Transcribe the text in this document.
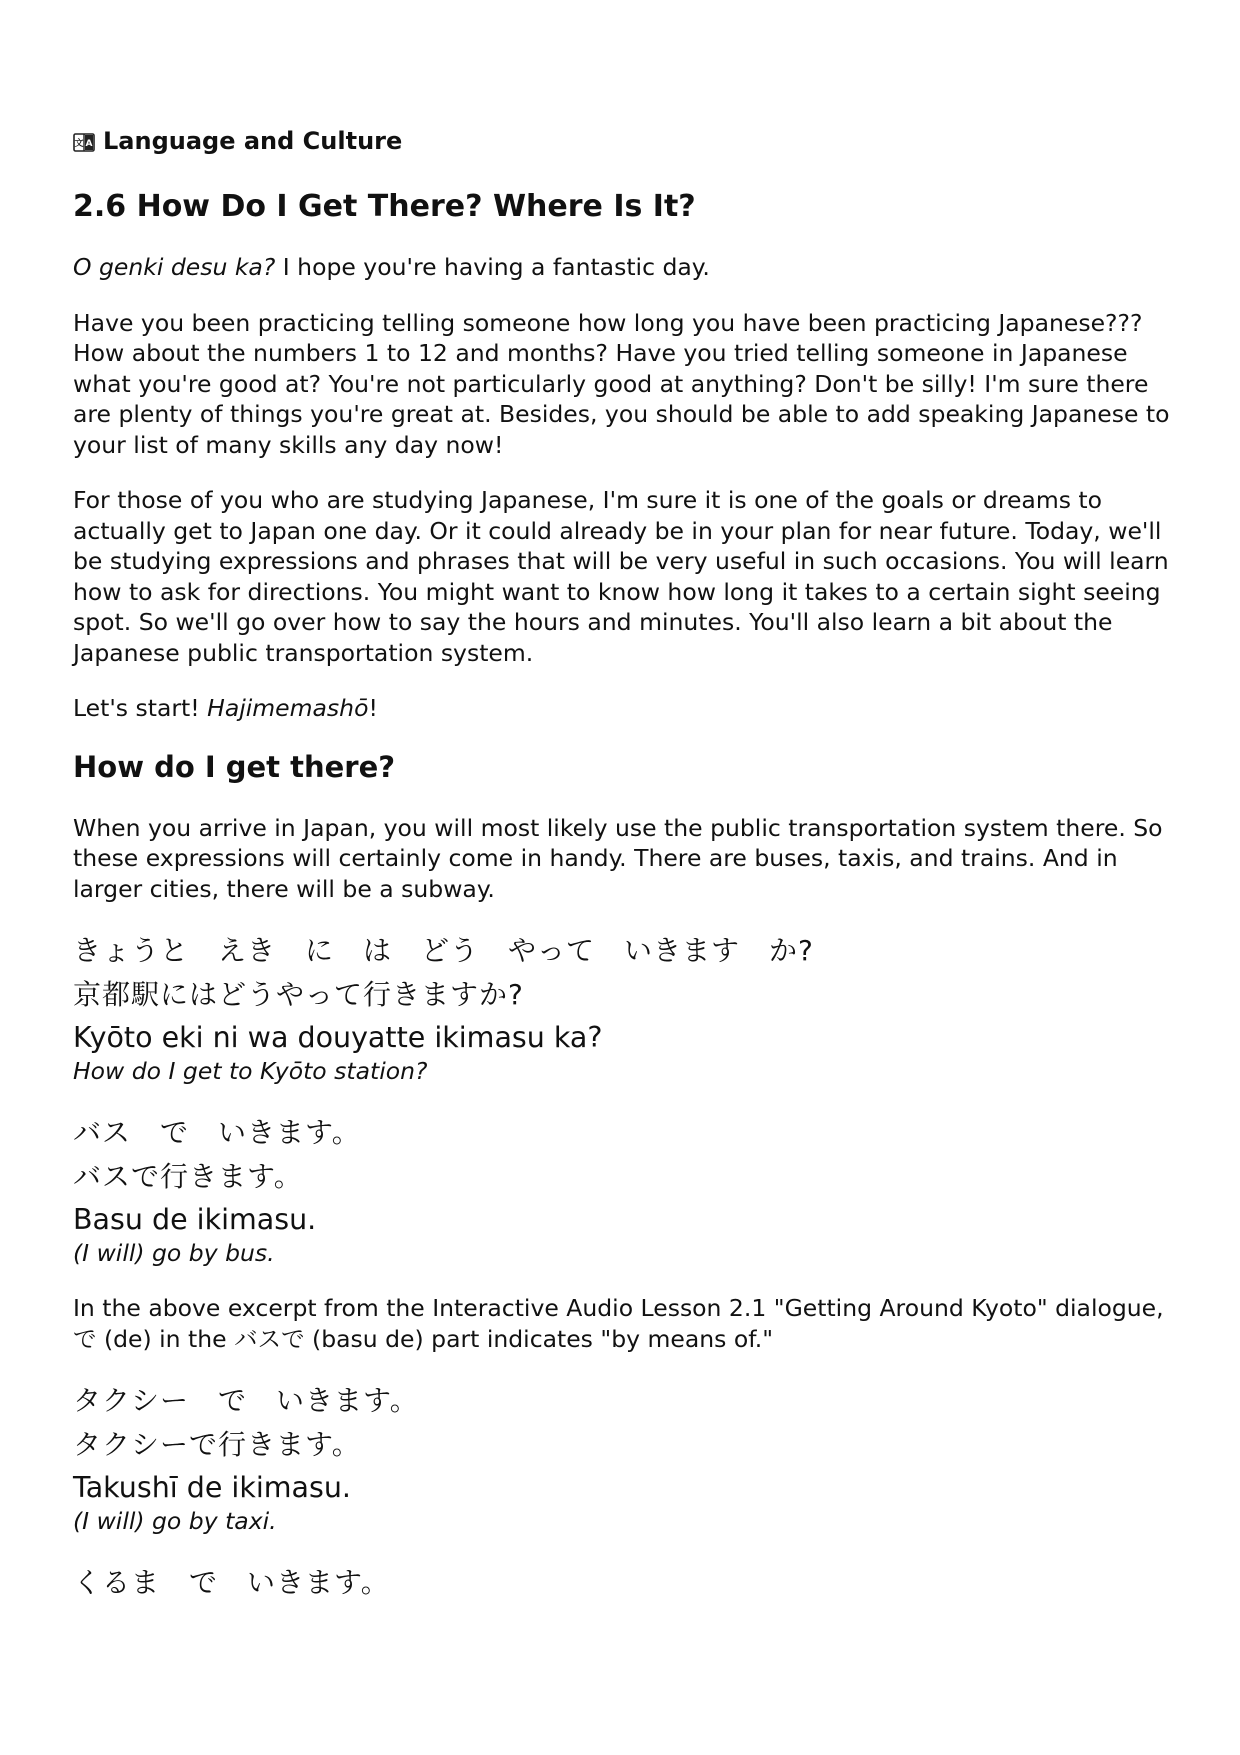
文 A Language and Culture
2.6 How Do I Get There? Where Is It?

O genki desu ka? I hope you're having a fantastic day.

Have you been practicing telling someone how long you have been practicing Japanese??? How about the numbers 1 to 12 and months? Have you tried telling someone in Japanese what you're good at? You're not particularly good at anything? Don't be silly! I'm sure there are plenty of things you're great at. Besides, you should be able to add speaking Japanese to your list of many skills any day now!

For those of you who are studying Japanese, I'm sure it is one of the goals or dreams to actually get to Japan one day. Or it could already be in your plan for near future. Today, we'll be studying expressions and phrases that will be very useful in such occasions. You will learn how to ask for directions. You might want to know how long it takes to a certain sight seeing spot. So we'll go over how to say the hours and minutes. You'll also learn a bit about the Japanese public transportation system.

Let's start! Hajimemashō!

How do I get there?

When you arrive in Japan, you will most likely use the public transportation system there. So these expressions will certainly come in handy. There are buses, taxis, and trains. And in larger cities, there will be a subway.

きょうと　えき　に　は　どう　やって　いきます　か?
京都駅にはどうやって行きますか?
Kyōto eki ni wa douyatte ikimasu ka?
How do I get to Kyōto station?
バス　で　いきます。
バスで行きます。
Basu de ikimasu.
(I will) go by bus.

In the above excerpt from the Interactive Audio Lesson 2.1 "Getting Around Kyoto" dialogue, で (de) in the バスで (basu de) part indicates "by means of."

タクシー　で　いきます。
タクシーで行きます。
Takushī de ikimasu.
(I will) go by taxi.
くるま　で　いきます。
